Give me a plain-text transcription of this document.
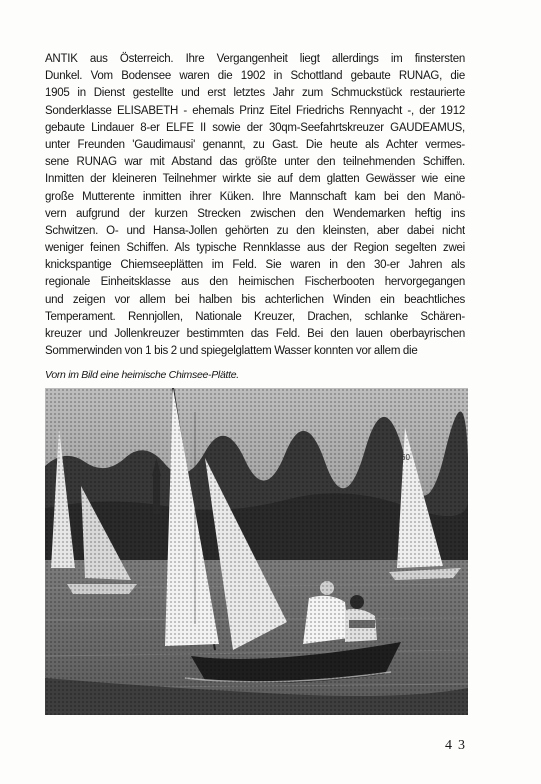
ANTIK aus Österreich. Ihre Vergangenheit liegt allerdings im finstersten
Dunkel. Vom Bodensee waren die 1902 in Schottland gebaute RUNAG, die
1905 in Dienst gestellte und erst letztes Jahr zum Schmuckstück restaurierte
Sonderklasse ELISABETH - ehemals Prinz Eitel Friedrichs Rennyacht -, der 1912
gebaute Lindauer 8-er ELFE II sowie der 30qm-Seefahrtskreuzer GAUDEAMUS,
unter Freunden 'Gaudimausi' genannt, zu Gast. Die heute als Achter vermes-
sene RUNAG war mit Abstand das größte unter den teilnehmenden Schiffen.
Inmitten der kleineren Teilnehmer wirkte sie auf dem glatten Gewässer wie eine
große Mutterente inmitten ihrer Küken. Ihre Mannschaft kam bei den Manö-
vern aufgrund der kurzen Strecken zwischen den Wendemarken heftig ins
Schwitzen. O- und Hansa-Jollen gehörten zu den kleinsten, aber dabei nicht
weniger feinen Schiffen. Als typische Rennklasse aus der Region segelten zwei
knickspantige Chiemseeplätten im Feld. Sie waren in den 30-er Jahren als
regionale Einheitsklasse aus den heimischen Fischerbooten hervorgegangen
und zeigen vor allem bei halben bis achterlichen Winden ein beachtliches
Temperament. Rennjollen, Nationale Kreuzer, Drachen, schlanke Schären-
kreuzer und Jollenkreuzer bestimmten das Feld. Bei den lauen oberbayrischen
Sommerwinden von 1 bis 2 und spiegelglattem Wasser konnten vor allem die

Vorn im Bild eine heimische Chimsee-Plätte.

43
